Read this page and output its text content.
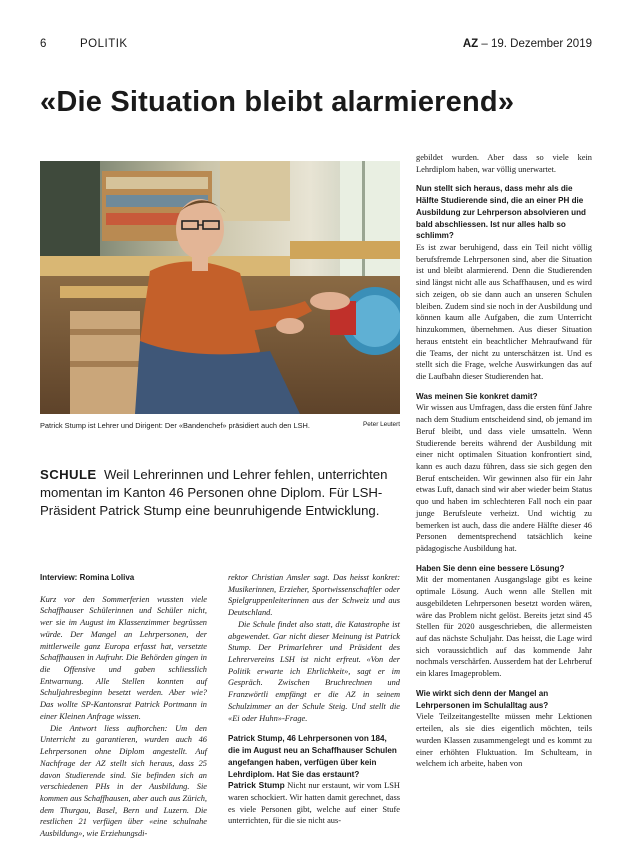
6	POLITIK	AZ – 19. Dezember 2019
«Die Situation bleibt alarmierend»
Patrick Stump ist Lehrer und Dirigent: Der «Bandenchef» präsidiert auch den LSH.	Peter Leutert
SCHULE Weil Lehrerinnen und Lehrer fehlen, unterrichten momentan im Kanton 46 Personen ohne Diplom. Für LSH-Präsident Patrick Stump eine beunruhigende Entwicklung.

Interview: Romina Loliva

Kurz vor den Sommerferien wussten viele Schaffhauser Schülerinnen und Schüler nicht, wer sie im August im Klassenzimmer begrüssen würde. Der Mangel an Lehrpersonen, der mittlerweile ganz Europa erfasst hat, versetzte Schaffhausen in Aufruhr. Die Behörden gingen in die Offensive und gaben schliesslich Entwarnung. Alle Stellen konnten auf Schuljahresbeginn besetzt werden. Aber wie? Das wollte SP-Kantonsrat Patrick Portmann in einer Kleinen Anfrage wissen.

Die Antwort liess aufhorchen: Um den Unterricht zu garantieren, wurden auch 46 Lehrpersonen ohne Diplom angestellt. Auf Nachfrage der AZ stellt sich heraus, dass 25 davon Studierende sind. Sie befinden sich an verschiedenen PHs in der Ausbildung. Sie kommen aus Schaffhausen, aber auch aus Zürich, dem Thurgau, Basel, Bern und Luzern. Die restlichen 21 verfügen über «eine schulnahe Ausbildung», wie Erziehungsdi-

rektor Christian Amsler sagt. Das heisst konkret: Musikerinnen, Erzieher, Sportwissenschaftler oder Spielgruppenleiterinnen aus der Schweiz und aus Deutschland.

Die Schule findet also statt, die Katastrophe ist abgewendet. Gar nicht dieser Meinung ist Patrick Stump. Der Primarlehrer und Präsident des Lehrervereins LSH ist nicht erfreut. «Von der Politik erwarte ich Ehrlichkeit», sagt er im Gespräch. Zwischen Bruchrechnen und Franzwörtli empfängt er die AZ in seinem Schulzimmer an der Schule Steig. Und stellt die «Ei oder Huhn»-Frage.

Patrick Stump, 46 Lehrpersonen von 184, die im August neu an Schaffhauser Schulen angefangen haben, verfügen über kein Lehrdiplom. Hat Sie das erstaunt?

Patrick Stump Nicht nur erstaunt, wir vom LSH waren schockiert. Wir hatten damit gerechnet, dass es viele Personen gibt, welche auf einer Stufe unterrichten, für die sie nicht aus-

gebildet wurden. Aber dass so viele kein Lehrdiplom haben, war völlig unerwartet.

Nun stellt sich heraus, dass mehr als die Hälfte Studierende sind, die an einer PH die Ausbildung zur Lehrperson absolvieren und bald abschliessen. Ist nur alles halb so schlimm?

Es ist zwar beruhigend, dass ein Teil nicht völlig berufsfremde Lehrpersonen sind, aber die Situation ist und bleibt alarmierend. Denn die Studierenden sind längst nicht alle aus Schaffhausen, und es wird sich zeigen, ob sie dann auch an unseren Schulen bleiben. Zudem sind sie noch in der Ausbildung und können kaum alle Aufgaben, die zum Unterricht hinzukommen, übernehmen. Aus dieser Situation heraus entsteht ein beachtlicher Mehraufwand für die Teams, der nicht zu unterschätzen ist. Und es stellt sich die Frage, welche Auswirkungen das auf die Laufbahn dieser Studierenden hat.

Was meinen Sie konkret damit?

Wir wissen aus Umfragen, dass die ersten fünf Jahre nach dem Studium entscheidend sind, ob jemand im Beruf bleibt, und dass viele umsatteln. Wenn Studierende bereits während der Ausbildung mit einer nicht optimalen Situation konfrontiert sind, kann es auch dazu führen, dass sie sich gegen den Beruf entscheiden. Wir gewinnen also für ein Jahr etwas Luft, danach sind wir aber wieder beim Status quo und haben im schlechteren Fall noch ein paar junge Berufsleute verheizt. Und wichtig zu bemerken ist auch, dass die andere Hälfte dieser 46 Personen dementsprechend tatsächlich keine pädagogische Ausbildung hat.

Haben Sie denn eine bessere Lösung?

Mit der momentanen Ausgangslage gibt es keine optimale Lösung. Auch wenn alle Stellen mit ausgebildeten Lehrpersonen besetzt worden wären, wäre das Problem nicht gelöst. Bereits jetzt sind 45 Stellen für 2020 ausgeschrieben, die allermeisten auf das nächste Schuljahr. Das heisst, die Lage wird sich voraussichtlich auf das kommende Jahr nochmals verschärfen. Ausserdem hat der Lehrberuf ein klares Imageproblem.

Wie wirkt sich denn der Mangel an Lehrpersonen im Schulalltag aus?

Viele Teilzeitangestellte müssen mehr Lektionen erteilen, als sie dies eigentlich möchten, teils wurden Klassen zusammengelegt und es kommt zu einer erhöhten Fluktuation. Im Schulteam, in welchem ich arbeite, haben von
